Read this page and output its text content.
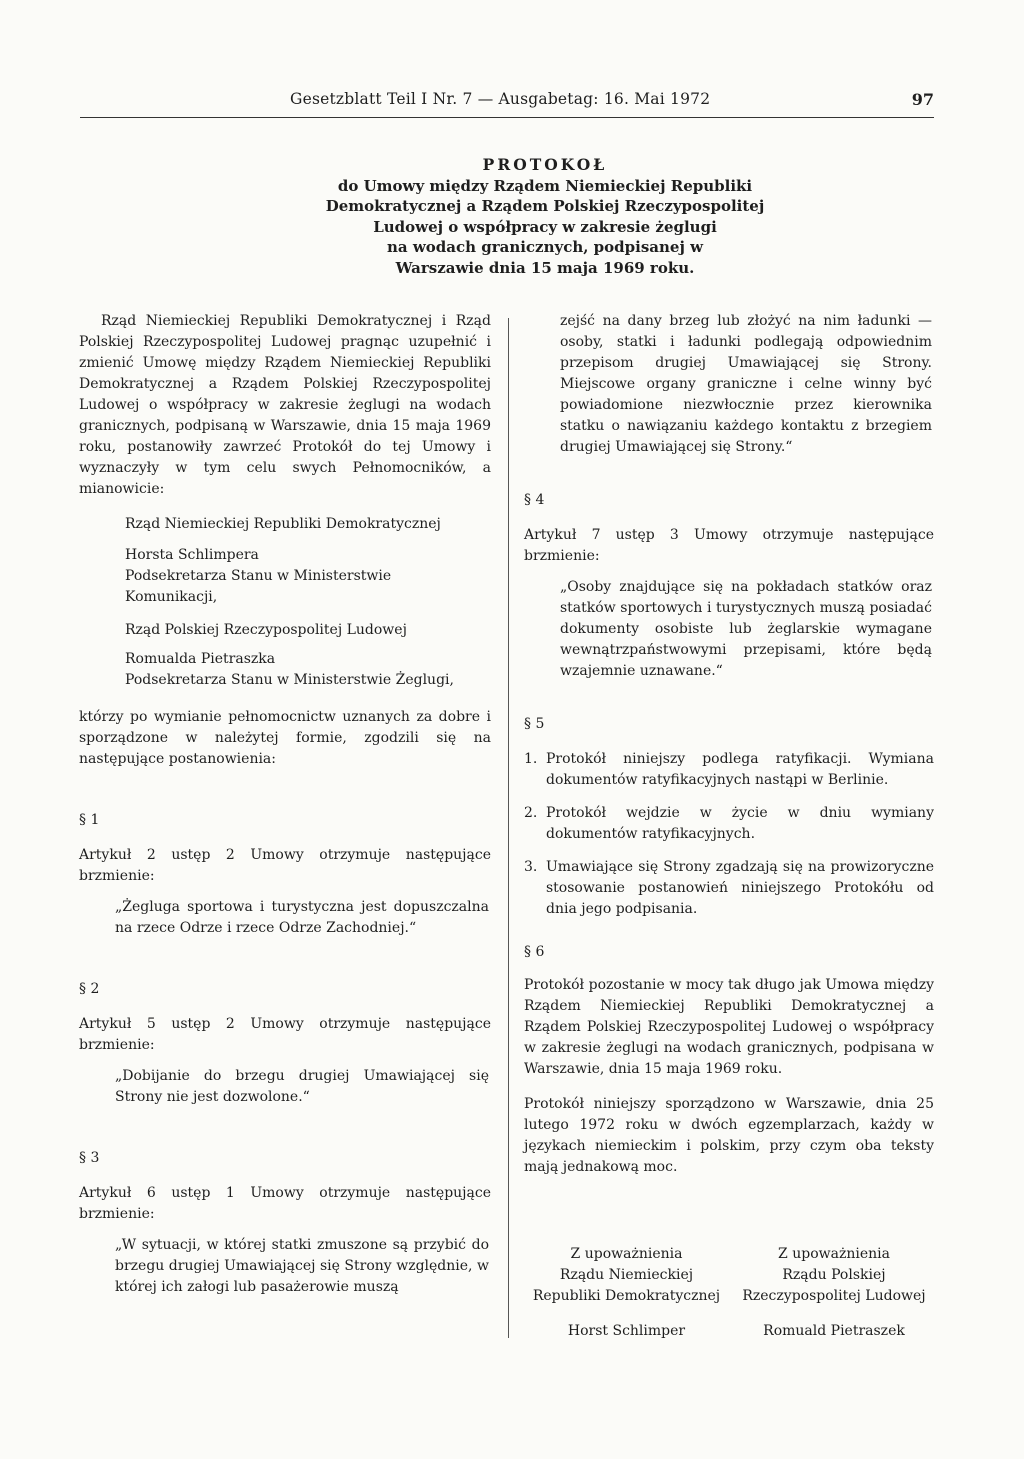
Gesetzblatt Teil I Nr. 7 — Ausgabetag: 16. Mai 1972	97
PROTOKOŁ
do Umowy między Rządem Niemieckiej Republiki
Demokratycznej a Rządem Polskiej Rzeczypospolitej
Ludowej o współpracy w zakresie żeglugi
na wodach granicznych, podpisanej w
Warszawie dnia 15 maja 1969 roku.

Rząd Niemieckiej Republiki Demokratycznej i Rząd Polskiej Rzeczypospolitej Ludowej pragnąc uzupełnić i zmienić Umowę między Rządem Niemieckiej Republiki Demokratycznej a Rządem Polskiej Rzeczypospolitej Ludowej o współpracy w zakresie żeglugi na wodach granicznych, podpisaną w Warszawie, dnia 15 maja 1969 roku, postanowiły zawrzeć Protokół do tej Umowy i wyznaczyły w tym celu swych Pełnomocników, a mianowicie:

Rząd Niemieckiej Republiki Demokratycznej
Horsta Schlimpera
Podsekretarza Stanu w Ministerstwie
Komunikacji,
Rząd Polskiej Rzeczypospolitej Ludowej
Romualda Pietraszka
Podsekretarza Stanu w Ministerstwie Żeglugi,

którzy po wymianie pełnomocnictw uznanych za dobre i sporządzone w należytej formie, zgodzili się na następujące postanowienia:

§ 1

Artykuł 2 ustęp 2 Umowy otrzymuje następujące brzmienie:

„Żegluga sportowa i turystyczna jest dopuszczalna na rzece Odrze i rzece Odrze Zachodniej.“

§ 2

Artykuł 5 ustęp 2 Umowy otrzymuje następujące brzmienie:

„Dobijanie do brzegu drugiej Umawiającej się Strony nie jest dozwolone.“

§ 3

Artykuł 6 ustęp 1 Umowy otrzymuje następujące brzmienie:

„W sytuacji, w której statki zmuszone są przybić do brzegu drugiej Umawiającej się Strony względnie, w której ich załogi lub pasażerowie muszą

zejść na dany brzeg lub złożyć na nim ładunki — osoby, statki i ładunki podlegają odpowiednim przepisom drugiej Umawiającej się Strony. Miejscowe organy graniczne i celne winny być powiadomione niezwłocznie przez kierownika statku o nawiązaniu każdego kontaktu z brzegiem drugiej Umawiającej się Strony.“

§ 4

Artykuł 7 ustęp 3 Umowy otrzymuje następujące brzmienie:

„Osoby znajdujące się na pokładach statków oraz statków sportowych i turystycznych muszą posiadać dokumenty osobiste lub żeglarskie wymagane wewnątrzpaństwowymi przepisami, które będą wzajemnie uznawane.“

§ 5

1. Protokół niniejszy podlega ratyfikacji. Wymiana dokumentów ratyfikacyjnych nastąpi w Berlinie.
2. Protokół wejdzie w życie w dniu wymiany dokumentów ratyfikacyjnych.
3. Umawiające się Strony zgadzają się na prowizoryczne stosowanie postanowień niniejszego Protokółu od dnia jego podpisania.

§ 6

Protokół pozostanie w mocy tak długo jak Umowa między Rządem Niemieckiej Republiki Demokratycznej a Rządem Polskiej Rzeczypospolitej Ludowej o współpracy w zakresie żeglugi na wodach granicznych, podpisana w Warszawie, dnia 15 maja 1969 roku.

Protokół niniejszy sporządzono w Warszawie, dnia 25 lutego 1972 roku w dwóch egzemplarzach, każdy w językach niemieckim i polskim, przy czym oba teksty mają jednakową moc.

Z upoważnienia
Rządu Niemieckiej
Republiki Demokratycznej
Horst Schlimper
Z upoważnienia
Rządu Polskiej
Rzeczypospolitej Ludowej
Romuald Pietraszek
